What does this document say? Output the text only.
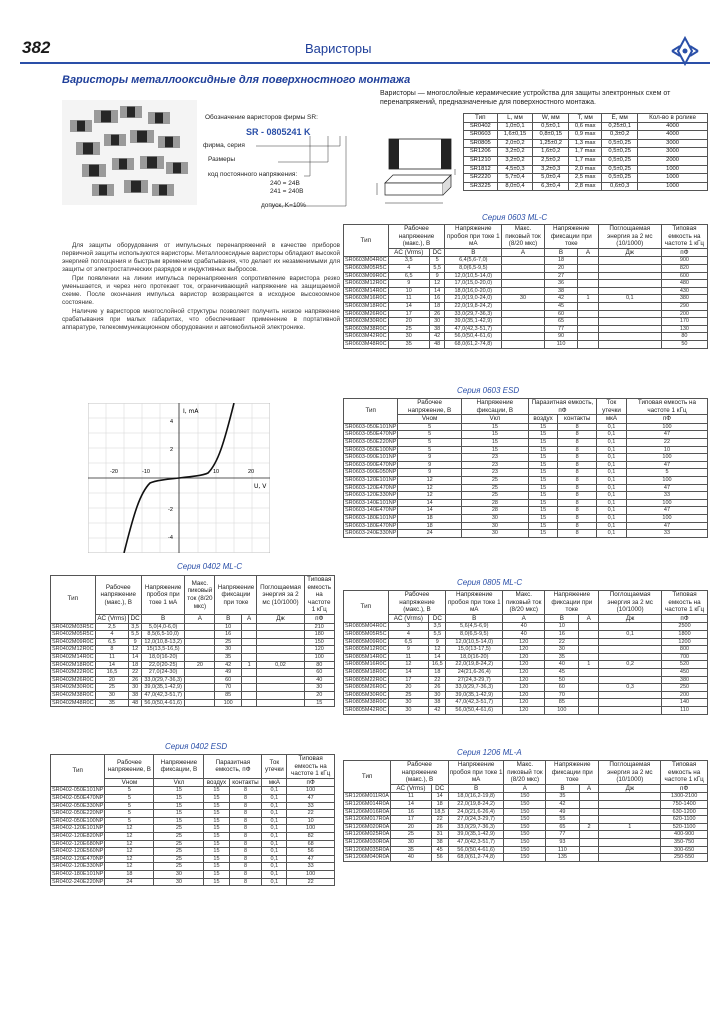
382	Варисторы
Варисторы металлооксидные для поверхностного монтажа
Варисторы — многослойные керамические устройства для защиты электронных схем от перенапряжений, предназначенные для поверхностного монтажа.
Обозначение варисторов фирмы SR:
SR - 0805241 K
фирма, серия
Размеры
код постоянного напряжения:
240 = 24В
241 = 240В
допуск, K=10%
Тип	L, мм	W, мм	T, мм	E, мм	Кол-во в ролике
SR0402	1,0±0,1	0,5±0,1	0,6 max	0,25±0,1	4000
SR0603	1,6±0,15	0,8±0,15	0,9 max	0,3±0,2	4000
SR0805	2,0±0,2	1,25±0,2	1,3 max	0,5±0,25	3000
SR1206	3,2±0,2	1,6±0,2	1,7 max	0,5±0,25	3000
SR1210	3,2±0,2	2,5±0,2	1,7 max	0,5±0,25	2000
SR1812	4,5±0,3	3,2±0,3	2,0 max	0,5±0,25	1000
SR2220	5,7±0,4	5,0±0,4	2,5 max	0,5±0,25	1000
SR3225	8,0±0,4	6,3±0,4	2,8 max	0,6±0,3	1000

Для защиты оборудования от импульсных перенапряжений в качестве приборов первичной защиты используются варисторы. Металлооксидные варисторы обладают высокой энергией поглощения и быстрым временем срабатывания, что делает их незаменимыми для защиты от электростатических разрядов и индуктивных выбросов.

При появлении на линии импульса перенапряжения сопротивление варистора резко уменьшается, и через него протекает ток, ограничивающий напряжение на защищаемой схеме. После окончания импульса варистор возвращается в исходное высокоомное состояние.

Наличие у варисторов многослойной структуры позволяет получить низкое напряжение срабатывания при малых габаритах, что обеспечивает применение в портативной аппаратуре, телекоммуникационном оборудовании и автомобильной электронике.

I, mA
U, V
-20	-10	10	20
4
2
-2
-4
Серия 0603 ML-C
Серия 0603 ESD
Серия 0402 ML-C
Серия 0805 ML-C
Серия 0402 ESD
Серия 1206 ML-A
Тип	Рабочее напряжение (макс.), В		Напряжение пробоя при токе 1 мА	Макс. пиковый ток (8/20 мкс)	Напряжение фиксации при токе		Поглощаемая энергия за 2 мс (10/1000)	Типовая емкость на частоте 1 кГц
	AC (Vrms)	DC	В	А	В	А	Дж	пФ
SR0603M04R0C	3,5	5	6,4(5,6-7,0)		18			900
SR0603M05R5C	4	5,5	8,0(6,5-9,5)		20			820
SR0603M09R0C	6,5	9	12,0(10,5-14,0)		27			600
SR0603M12R0C	9	12	17,0(15,0-20,0)		36			480
SR0603M14R0C	10	14	18,0(16,0-20,0)		38			430
SR0603M16R0C	11	16	21,0(19,0-24,0)	30	42	1	0,1	380
SR0603M18R0C	14	18	22,0(19,8-24,2)		45			290
SR0603M26R0C	17	26	33,0(29,7-36,3)		60			200
SR0603M30R0C	20	30	39,0(35,1-42,9)		65			170
SR0603M38R0C	25	38	47,0(42,3-51,7)		77			130
SR0603M42R0C	30	42	56,0(50,4-61,6)		90			80
SR0603M48R0C	35	48	68,0(61,2-74,8)		110			50
Тип	Рабочее напряжение, В	Напряжение фиксации, В	Паразитная емкость, пФ		Ток утечки	Типовая емкость на частоте 1 кГц
	Vном	Vкл	воздух	контакты	мкА	пФ
SR0603-050E101NP	5	15	15	8	0,1	100
SR0603-050E470NP	5	15	15	8	0,1	47
SR0603-050E220NP	5	15	15	8	0,1	22
SR0603-050E100NP	5	15	15	8	0,1	10
SR0603-090E101NP	9	23	15	8	0,1	100
SR0603-090E470NP	9	23	15	8	0,1	47
SR0603-090E050NP	9	23	15	8	0,1	5
SR0603-120E101NP	12	25	15	8	0,1	100
SR0603-120E470NP	12	25	15	8	0,1	47
SR0603-120E330NP	12	25	15	8	0,1	33
SR0603-140E101NP	14	28	15	8	0,1	100
SR0603-140E470NP	14	28	15	8	0,1	47
SR0603-180E101NP	18	30	15	8	0,1	100
SR0603-180E470NP	18	30	15	8	0,1	47
SR0603-240E330NP	24	30	15	8	0,1	33
Тип	Рабочее напряжение (макс.), В		Напряжение пробоя при токе 1 мА	Макс. пиковый ток (8/20 мкс)	Напряжение фиксации при токе		Поглощаемая энергия за 2 мс (10/1000)	Типовая емкость на частоте 1 кГц
	AC (Vrms)	DC	В	А	В	А	Дж	пФ
SR0402M03R5C	2,5	3,5	5,0(4,0-6,0)		10			210
SR0402M05R5C	4	5,5	8,5(6,5-10,0)		16			180
SR0402M09R0C	6,5	9	12,0(10,8-13,2)		25			150
SR0402M12R0C	8	12	15(13,5-16,5)		30			120
SR0402M14R0C	11	14	18,0(16-20)		35			100
SR0402M18R0C	14	18	22,0(20-25)	20	42	1	0,02	80
SR0402M22R0C	16,5	22	27,0(24-30)		49			60
SR0402M26R0C	20	26	33,0(29,7-36,3)		60			40
SR0402M30R0C	25	30	39,0(35,1-42,9)		70			30
SR0402M38R0C	30	38	47,0(42,3-51,7)		85			20
SR0402M48R0C	35	48	56,0(50,4-61,6)		100			15
Тип	Рабочее напряжение (макс.), В		Напряжение пробоя при токе 1 мА	Макс. пиковый ток (8/20 мкс)	Напряжение фиксации при токе		Поглощаемая энергия за 2 мс (10/1000)	Типовая емкость на частоте 1 кГц
	AC (Vrms)	DC	В	А	В	А	Дж	пФ
SR0805M04R0C	3	3,5	5,6(4,5-6,9)	40	10			2500
SR0805M05R5C	4	5,5	8,0(6,5-9,5)	40	16		0,1	1800
SR0805M09R0C	6,5	9	12,0(10,5-14,0)	120	22			1200
SR0805M12R0C	9	12	15,0(13-17,5)	120	30			800
SR0805M14R0C	11	14	18,0(16-20)	120	35			700
SR0805M16R0C	12	16,5	22,0(19,8-24,2)	120	40	1	0,2	520
SR0805M18R0C	14	18	24(21,6-26,4)	120	45			450
SR0805M22R0C	17	22	27(24,3-29,7)	120	50			380
SR0805M26R0C	20	26	33,0(29,7-36,3)	120	60		0,3	250
SR0805M30R0C	25	30	39,0(35,1-42,9)	120	70			200
SR0805M38R0C	30	38	47,0(42,3-51,7)	120	85			140
SR0805M42R0C	30	42	56,0(50,4-61,6)	120	100			110
Тип	Рабочее напряжение, В	Напряжение фиксации, В	Паразитная емкость, пФ		Ток утечки	Типовая емкость на частоте 1 кГц
	Vном	Vкл	воздух	контакты	мкА	пФ
SR0402-050E101NP	5	15	15	8	0,1	100
SR0402-050E470NP	5	15	15	8	0,1	47
SR0402-050E330NP	5	15	15	8	0,1	33
SR0402-050E220NP	5	15	15	8	0,1	22
SR0402-050E100NP	5	15	15	8	0,1	10
SR0402-120E101NP	12	25	15	8	0,1	100
SR0402-120E820NP	12	25	15	8	0,1	82
SR0402-120E680NP	12	25	15	8	0,1	68
SR0402-120E560NP	12	25	15	8	0,1	56
SR0402-120E470NP	12	25	15	8	0,1	47
SR0402-120E330NP	12	25	15	8	0,1	33
SR0402-180E101NP	18	30	15	8	0,1	100
SR0402-240E220NP	24	30	15	8	0,1	22
Тип	Рабочее напряжение (макс.), В		Напряжение пробоя при токе 1 мА	Макс. пиковый ток (8/20 мкс)	Напряжение фиксации при токе		Поглощаемая энергия за 2 мс (10/1000)	Типовая емкость на частоте 1 кГц
	AC (Vrms)	DC	В	А	В	А	Дж	пФ
SR1206M011R0A	11	14	18,0(16,2-19,8)	150	35			1300-2100
SR1206M014R0A	14	18	22,0(19,8-24,2)	150	42			750-1400
SR1206M016R0A	16	18,5	24,0(21,6-26,4)	150	49			630-1200
SR1206M017R0A	17	22	27,0(24,3-29,7)	150	55			620-1100
SR1206M020R0A	20	26	33,0(29,7-36,3)	150	65	2	1	520-1100
SR1206M025R0A	25	31	39,0(35,1-42,9)	150	77			400-900
SR1206M030R0A	30	38	47,0(42,3-51,7)	150	93			350-750
SR1206M035R0A	35	45	56,0(50,4-61,6)	150	110			300-650
SR1206M040R0A	40	56	68,0(61,2-74,8)	150	135			250-550
